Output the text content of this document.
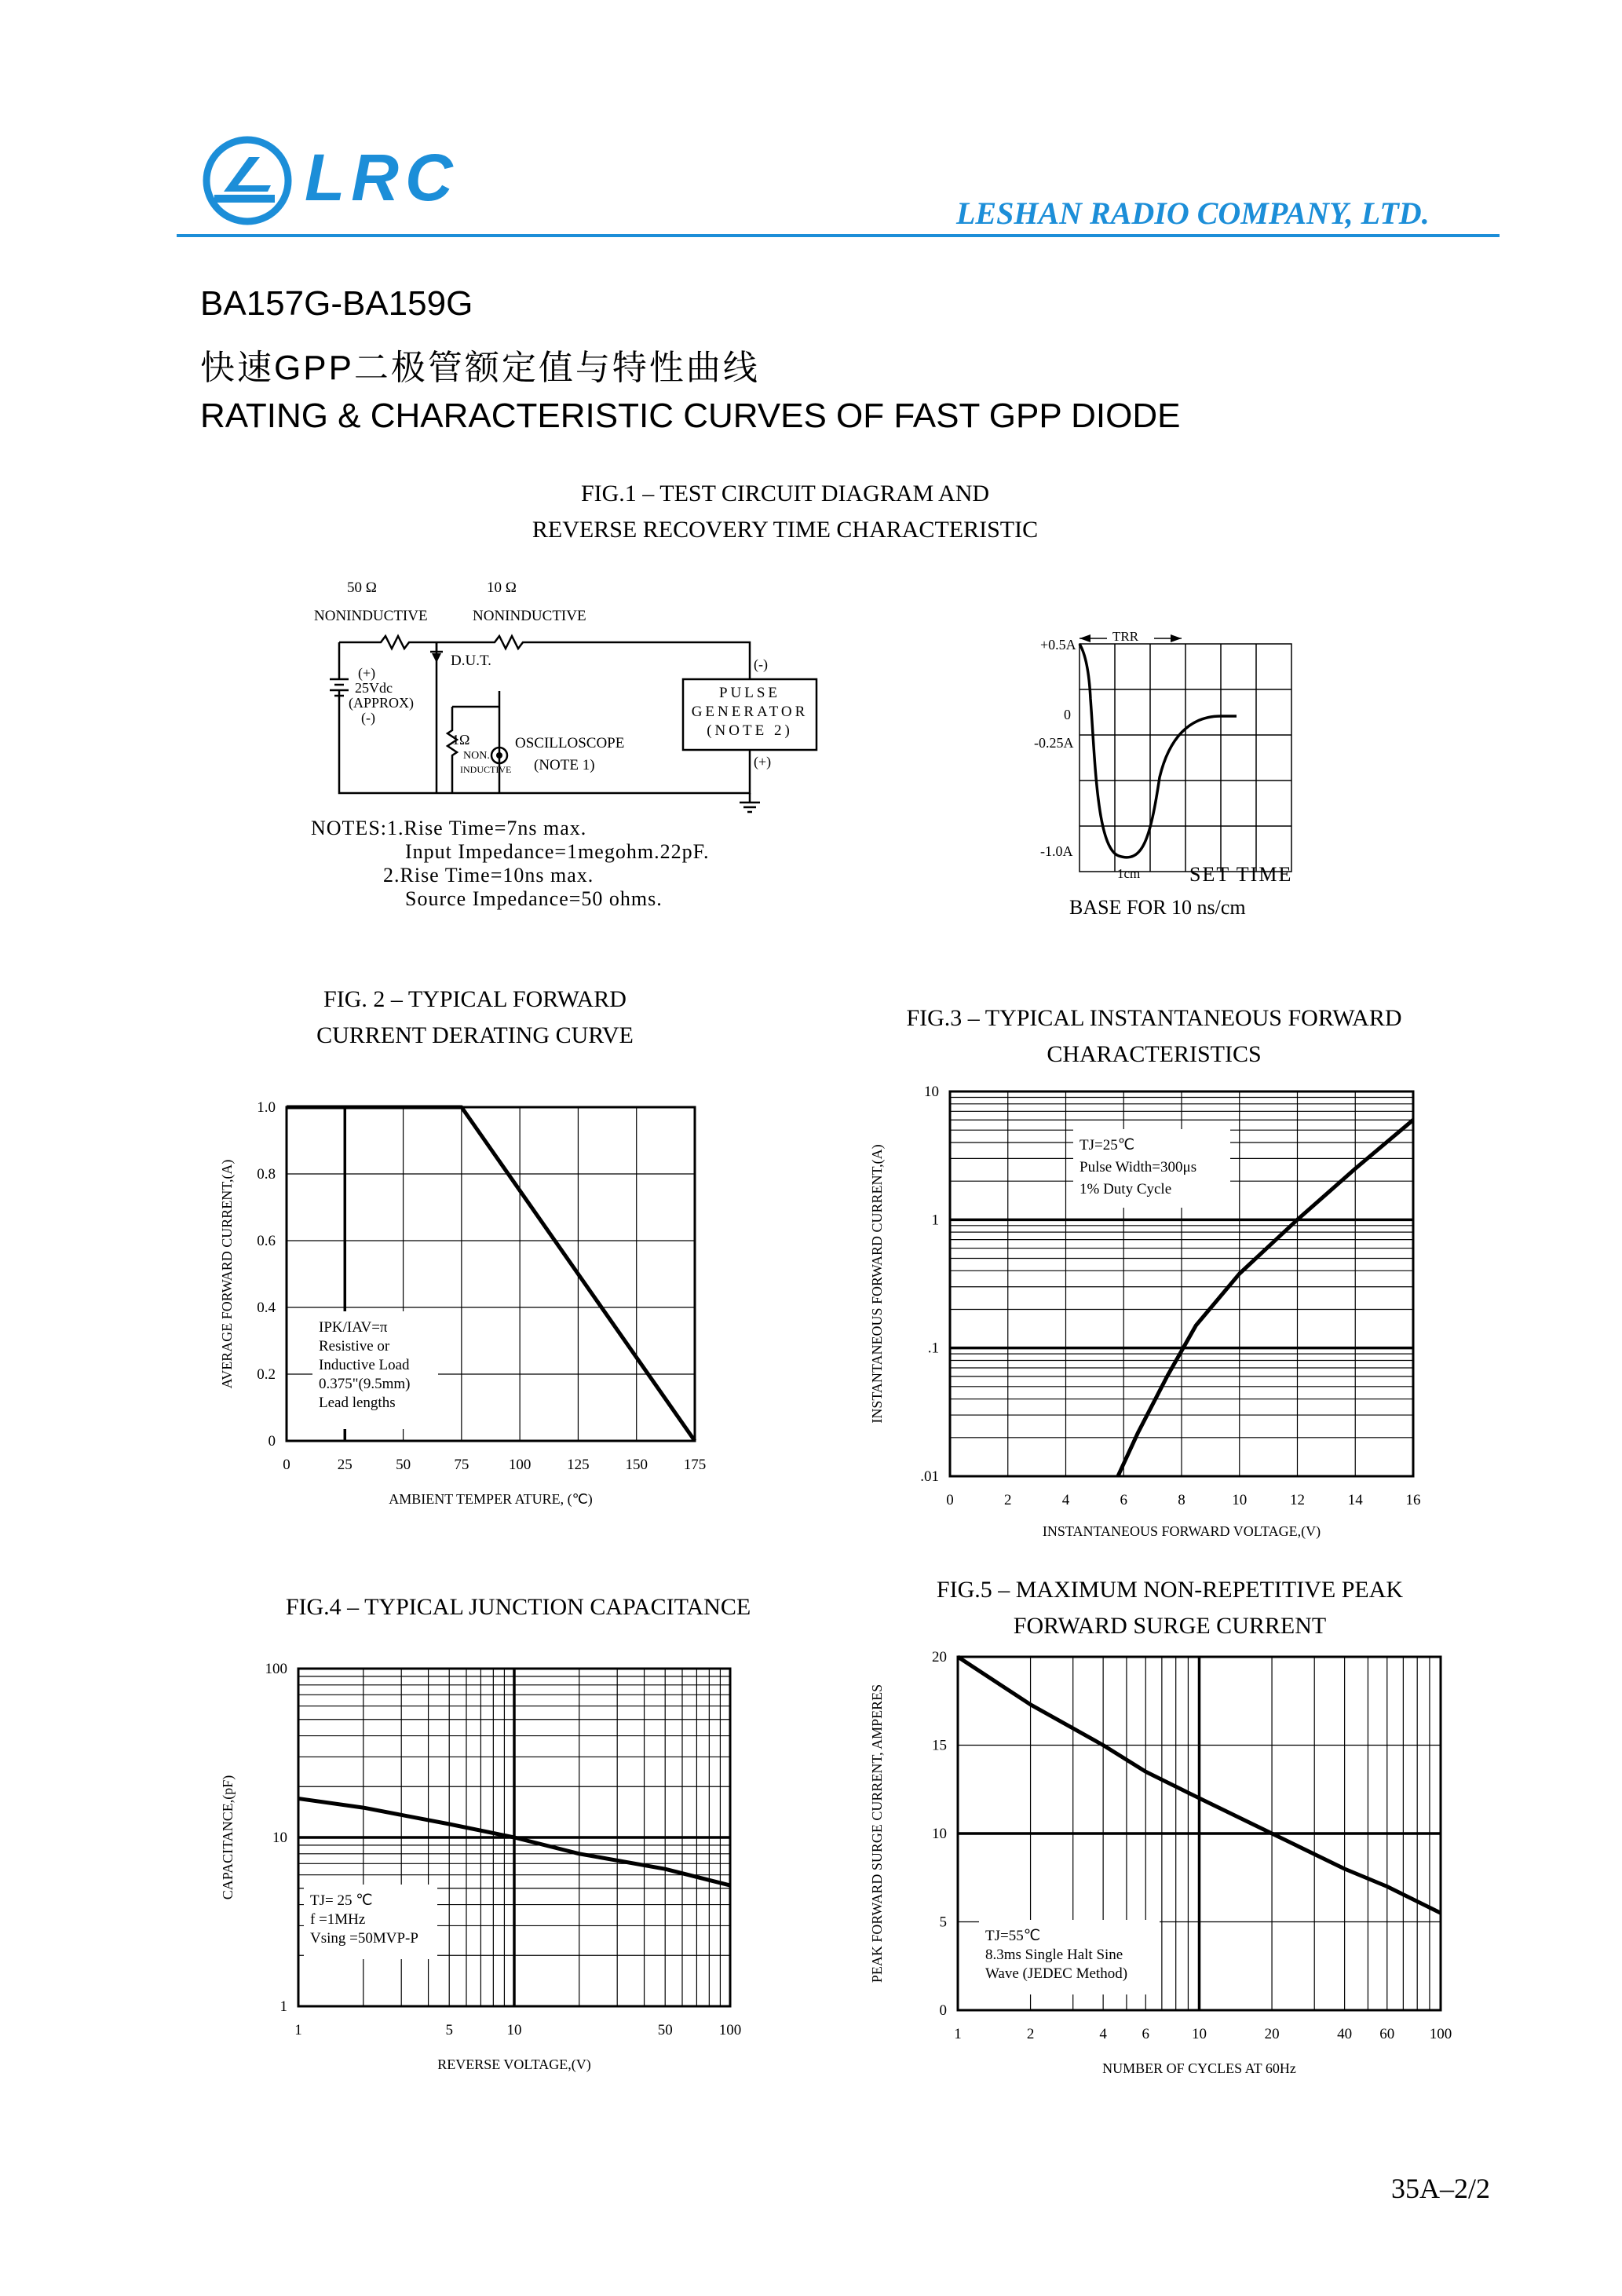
LRC	LESHAN RADIO COMPANY, LTD.
BA157G-BA159G
快速GPP二极管额定值与特性曲线
RATING & CHARACTERISTIC CURVES OF FAST GPP DIODE
FIG.1 – TEST CIRCUIT DIAGRAM AND
REVERSE RECOVERY TIME CHARACTERISTIC
50 Ω
NONINDUCTIVE
10 Ω
NONINDUCTIVE
D.U.T.
(+)
25Vdc
(APPROX)
(-)
1Ω
NON.
INDUCTIVE
OSCILLOSCOPE
(NOTE 1)
(-)
PULSE
GENERATOR
(NOTE 2)
(+)
NOTES:1.Rise Time=7ns max.
Input Impedance=1megohm.22pF.
2.Rise Time=10ns max.
Source Impedance=50 ohms.
TRR
+0.5A
0
-0.25A
-1.0A
1cm SET TIME
BASE FOR 10 ns/cm
FIG. 2 – TYPICAL FORWARD
CURRENT DERATING CURVE
IPK/IAV=π
Resistive or
Inductive Load
0.375"(9.5mm)
Lead lengths
0	25	50	75	100 125 150 175
0
0.2
0.4
0.6
0.8
1.0
AMBIENT TEMPER ATURE, (℃)
AVERAGE FORWARD CURRENT,(A)
FIG.3 – TYPICAL INSTANTANEOUS FORWARD
CHARACTERISTICS
TJ=25℃
Pulse Width=300μs
1% Duty Cycle
0	2	4	6	8	10	12	14	16
.01
.1
1
10
INSTANTANEOUS FORWARD VOLTAGE,(V)
INSTANTANEOUS FORWARD CURRENT,(A)
FIG.4 – TYPICAL JUNCTION CAPACITANCE
TJ= 25 ℃
f =1MHz
Vsing =50MVP-P
1	5	10	50	100
1
10
100
REVERSE VOLTAGE,(V)
CAPACITANCE,(pF)
FIG.5 – MAXIMUM NON-REPETITIVE PEAK
FORWARD SURGE CURRENT
TJ=55℃
8.3ms Single Halt Sine
Wave (JEDEC Method)
1	2	4 6	10	20	40 60 100
0
5
10
15
20
NUMBER OF CYCLES AT 60Hz
PEAK FORWARD SURGE CURRENT, AMPERES
35A–2/2
